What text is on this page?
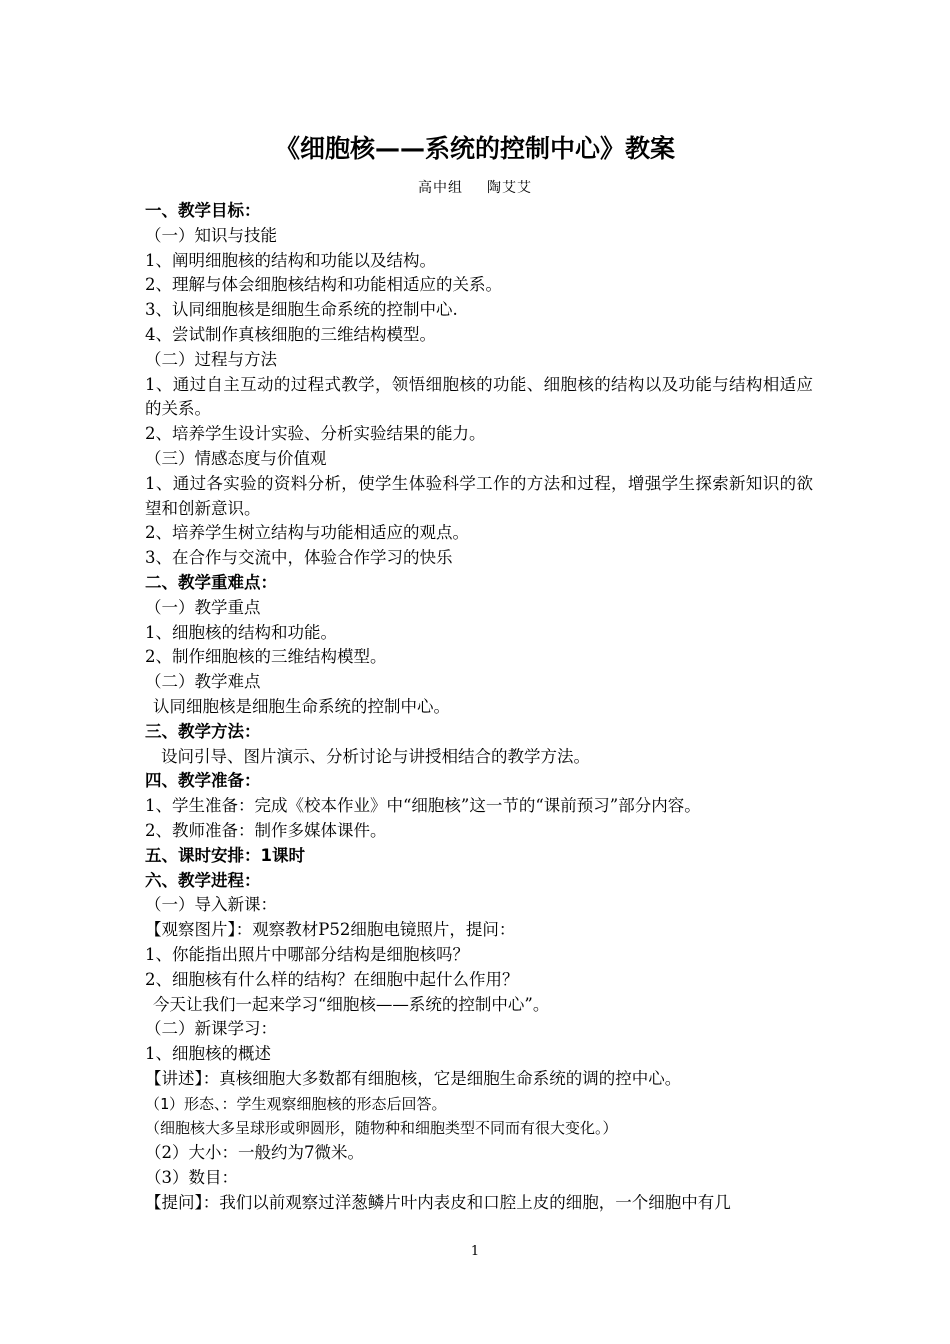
《细胞核——系统的控制中心》教案
高中组 陶艾艾
一、教学目标：
（一）知识与技能
1、阐明细胞核的结构和功能以及结构。
2、理解与体会细胞核结构和功能相适应的关系。
3、认同细胞核是细胞生命系统的控制中心.
4、尝试制作真核细胞的三维结构模型。
（二）过程与方法
1、通过自主互动的过程式教学，领悟细胞核的功能、细胞核的结构以及功能与结构相适应的关系。
2、培养学生设计实验、分析实验结果的能力。
（三）情感态度与价值观
1、通过各实验的资料分析，使学生体验科学工作的方法和过程，增强学生探索新知识的欲望和创新意识。
2、培养学生树立结构与功能相适应的观点。
3、在合作与交流中，体验合作学习的快乐
二、教学重难点：
（一）教学重点
1、细胞核的结构和功能。
2、制作细胞核的三维结构模型。
（二）教学难点
认同细胞核是细胞生命系统的控制中心。
三、教学方法：
设问引导、图片演示、分析讨论与讲授相结合的教学方法。
四、教学准备：
1、学生准备：完成《校本作业》中“细胞核”这一节的“课前预习”部分内容。
2、教师准备：制作多媒体课件。
五、课时安排：1课时
六、教学进程：
（一）导入新课：
【观察图片】：观察教材P52细胞电镜照片，提问：
1、你能指出照片中哪部分结构是细胞核吗？
2、细胞核有什么样的结构？在细胞中起什么作用？
今天让我们一起来学习“细胞核——系统的控制中心”。
（二）新课学习：
1、细胞核的概述
【讲述】：真核细胞大多数都有细胞核，它是细胞生命系统的调的控中心。
（1）形态、：学生观察细胞核的形态后回答。
（细胞核大多呈球形或卵圆形，随物种和细胞类型不同而有很大变化。）
（2）大小：一般约为7微米。
（3）数目：
【提问】：我们以前观察过洋葱鳞片叶内表皮和口腔上皮的细胞，一个细胞中有几
1
